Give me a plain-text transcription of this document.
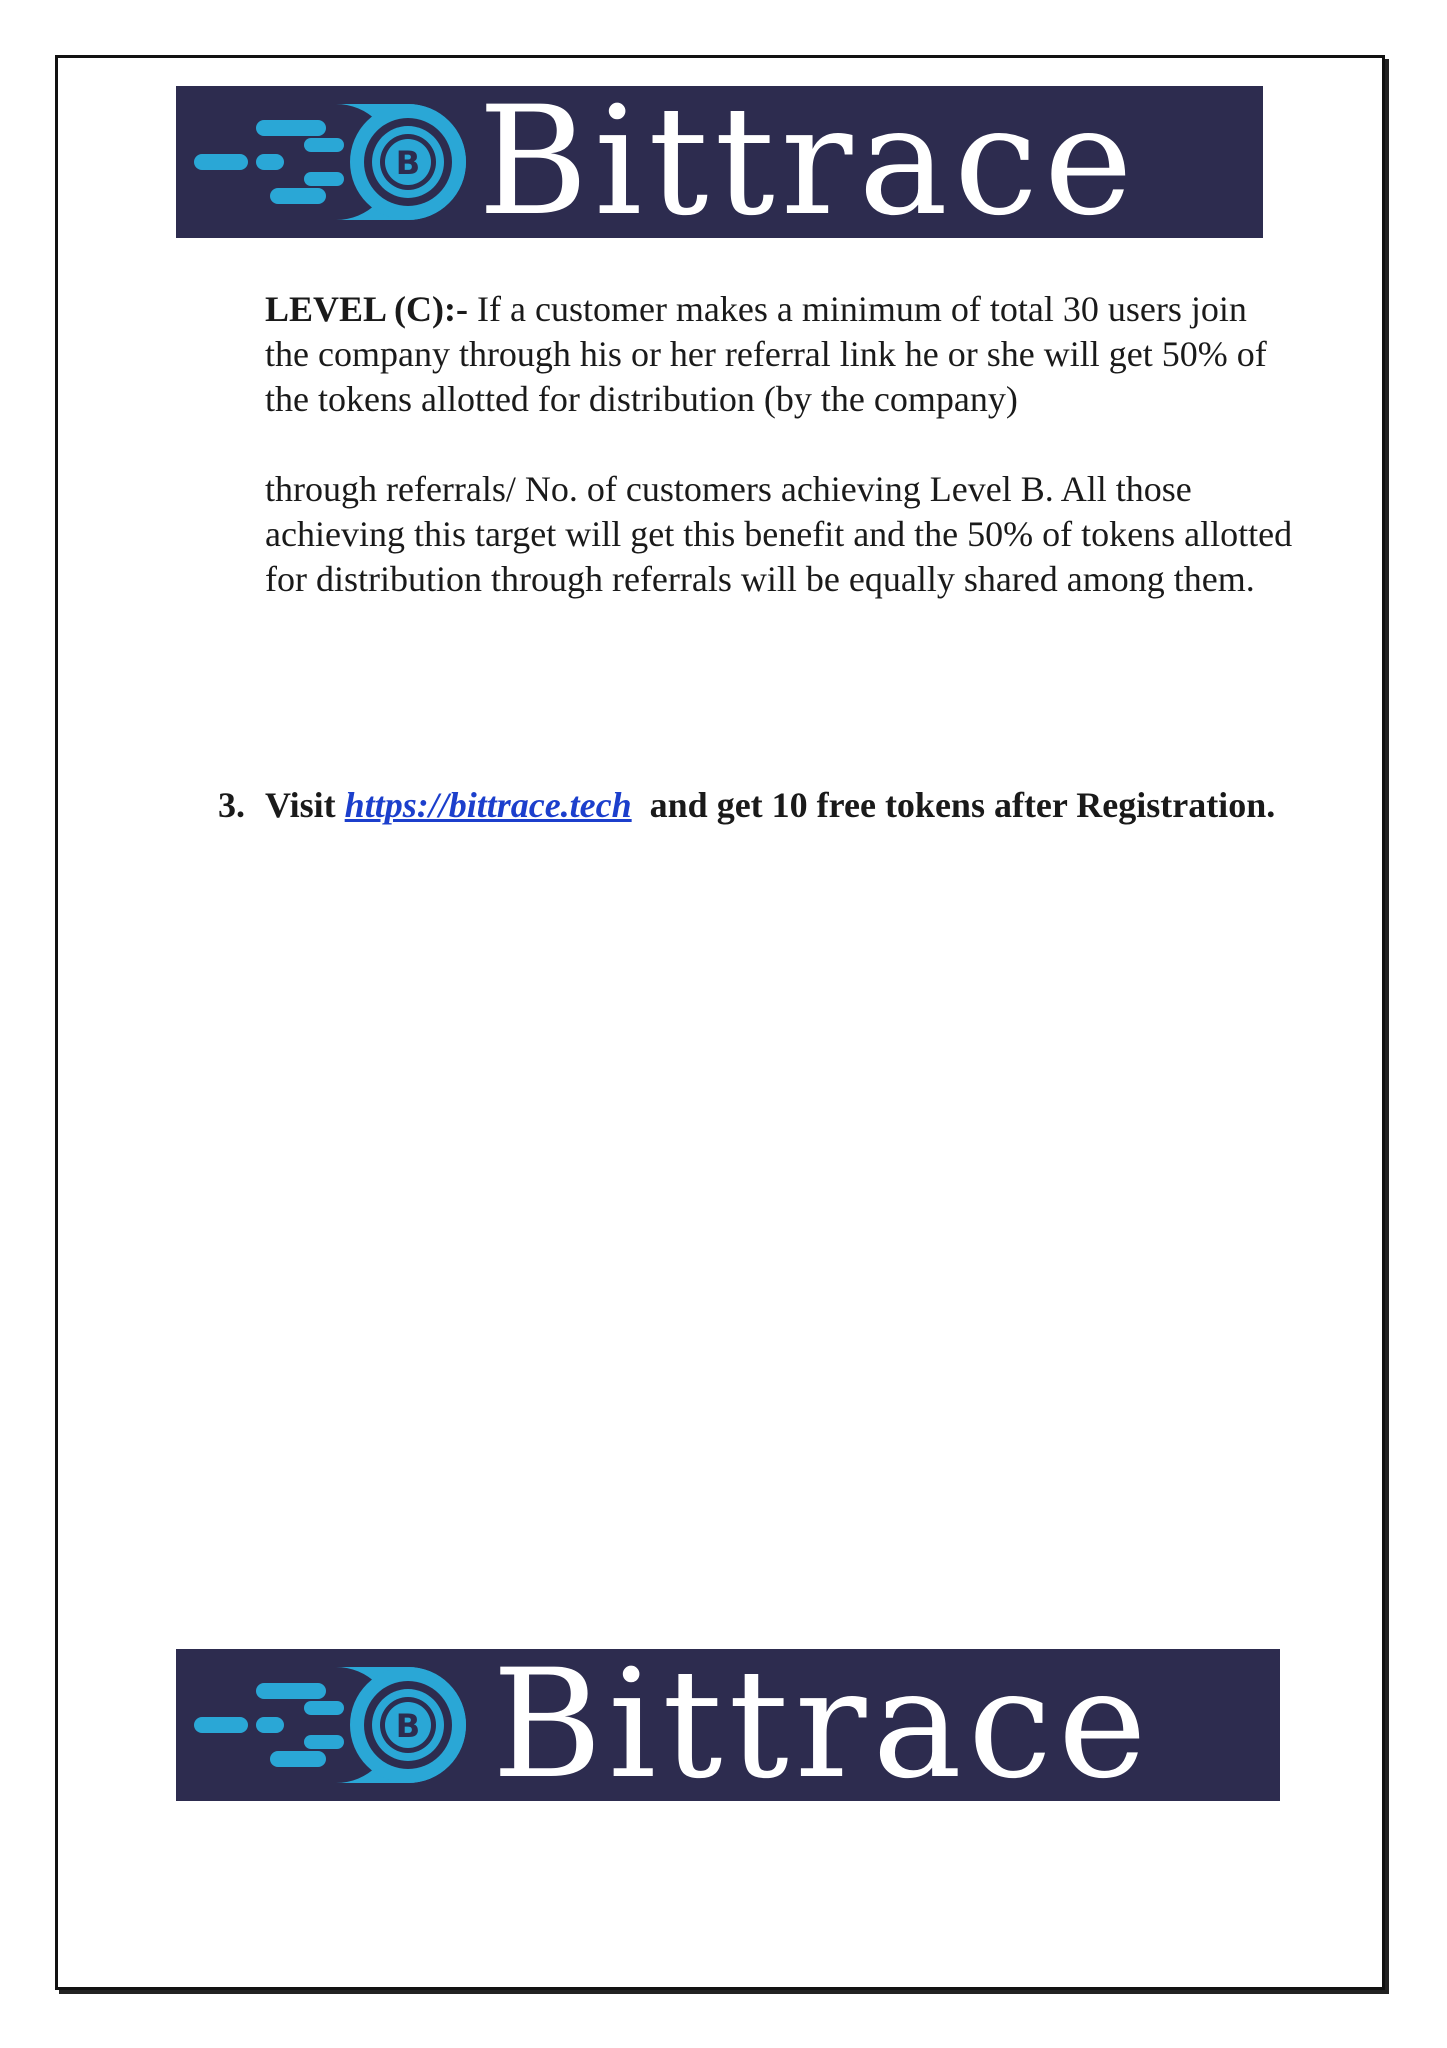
B Bittrace

LEVEL (C):- If a customer makes a minimum of total 30 users join the company through his or her referral link he or she will get 50% of the tokens allotted for distribution (by the company)

through referrals/ No. of customers achieving Level B. All those achieving this target will get this benefit and the 50% of tokens allotted for distribution through referrals will be equally shared among them.

3. Visit https://bittrace.tech  and get 10 free tokens after Registration.
B Bittrace
